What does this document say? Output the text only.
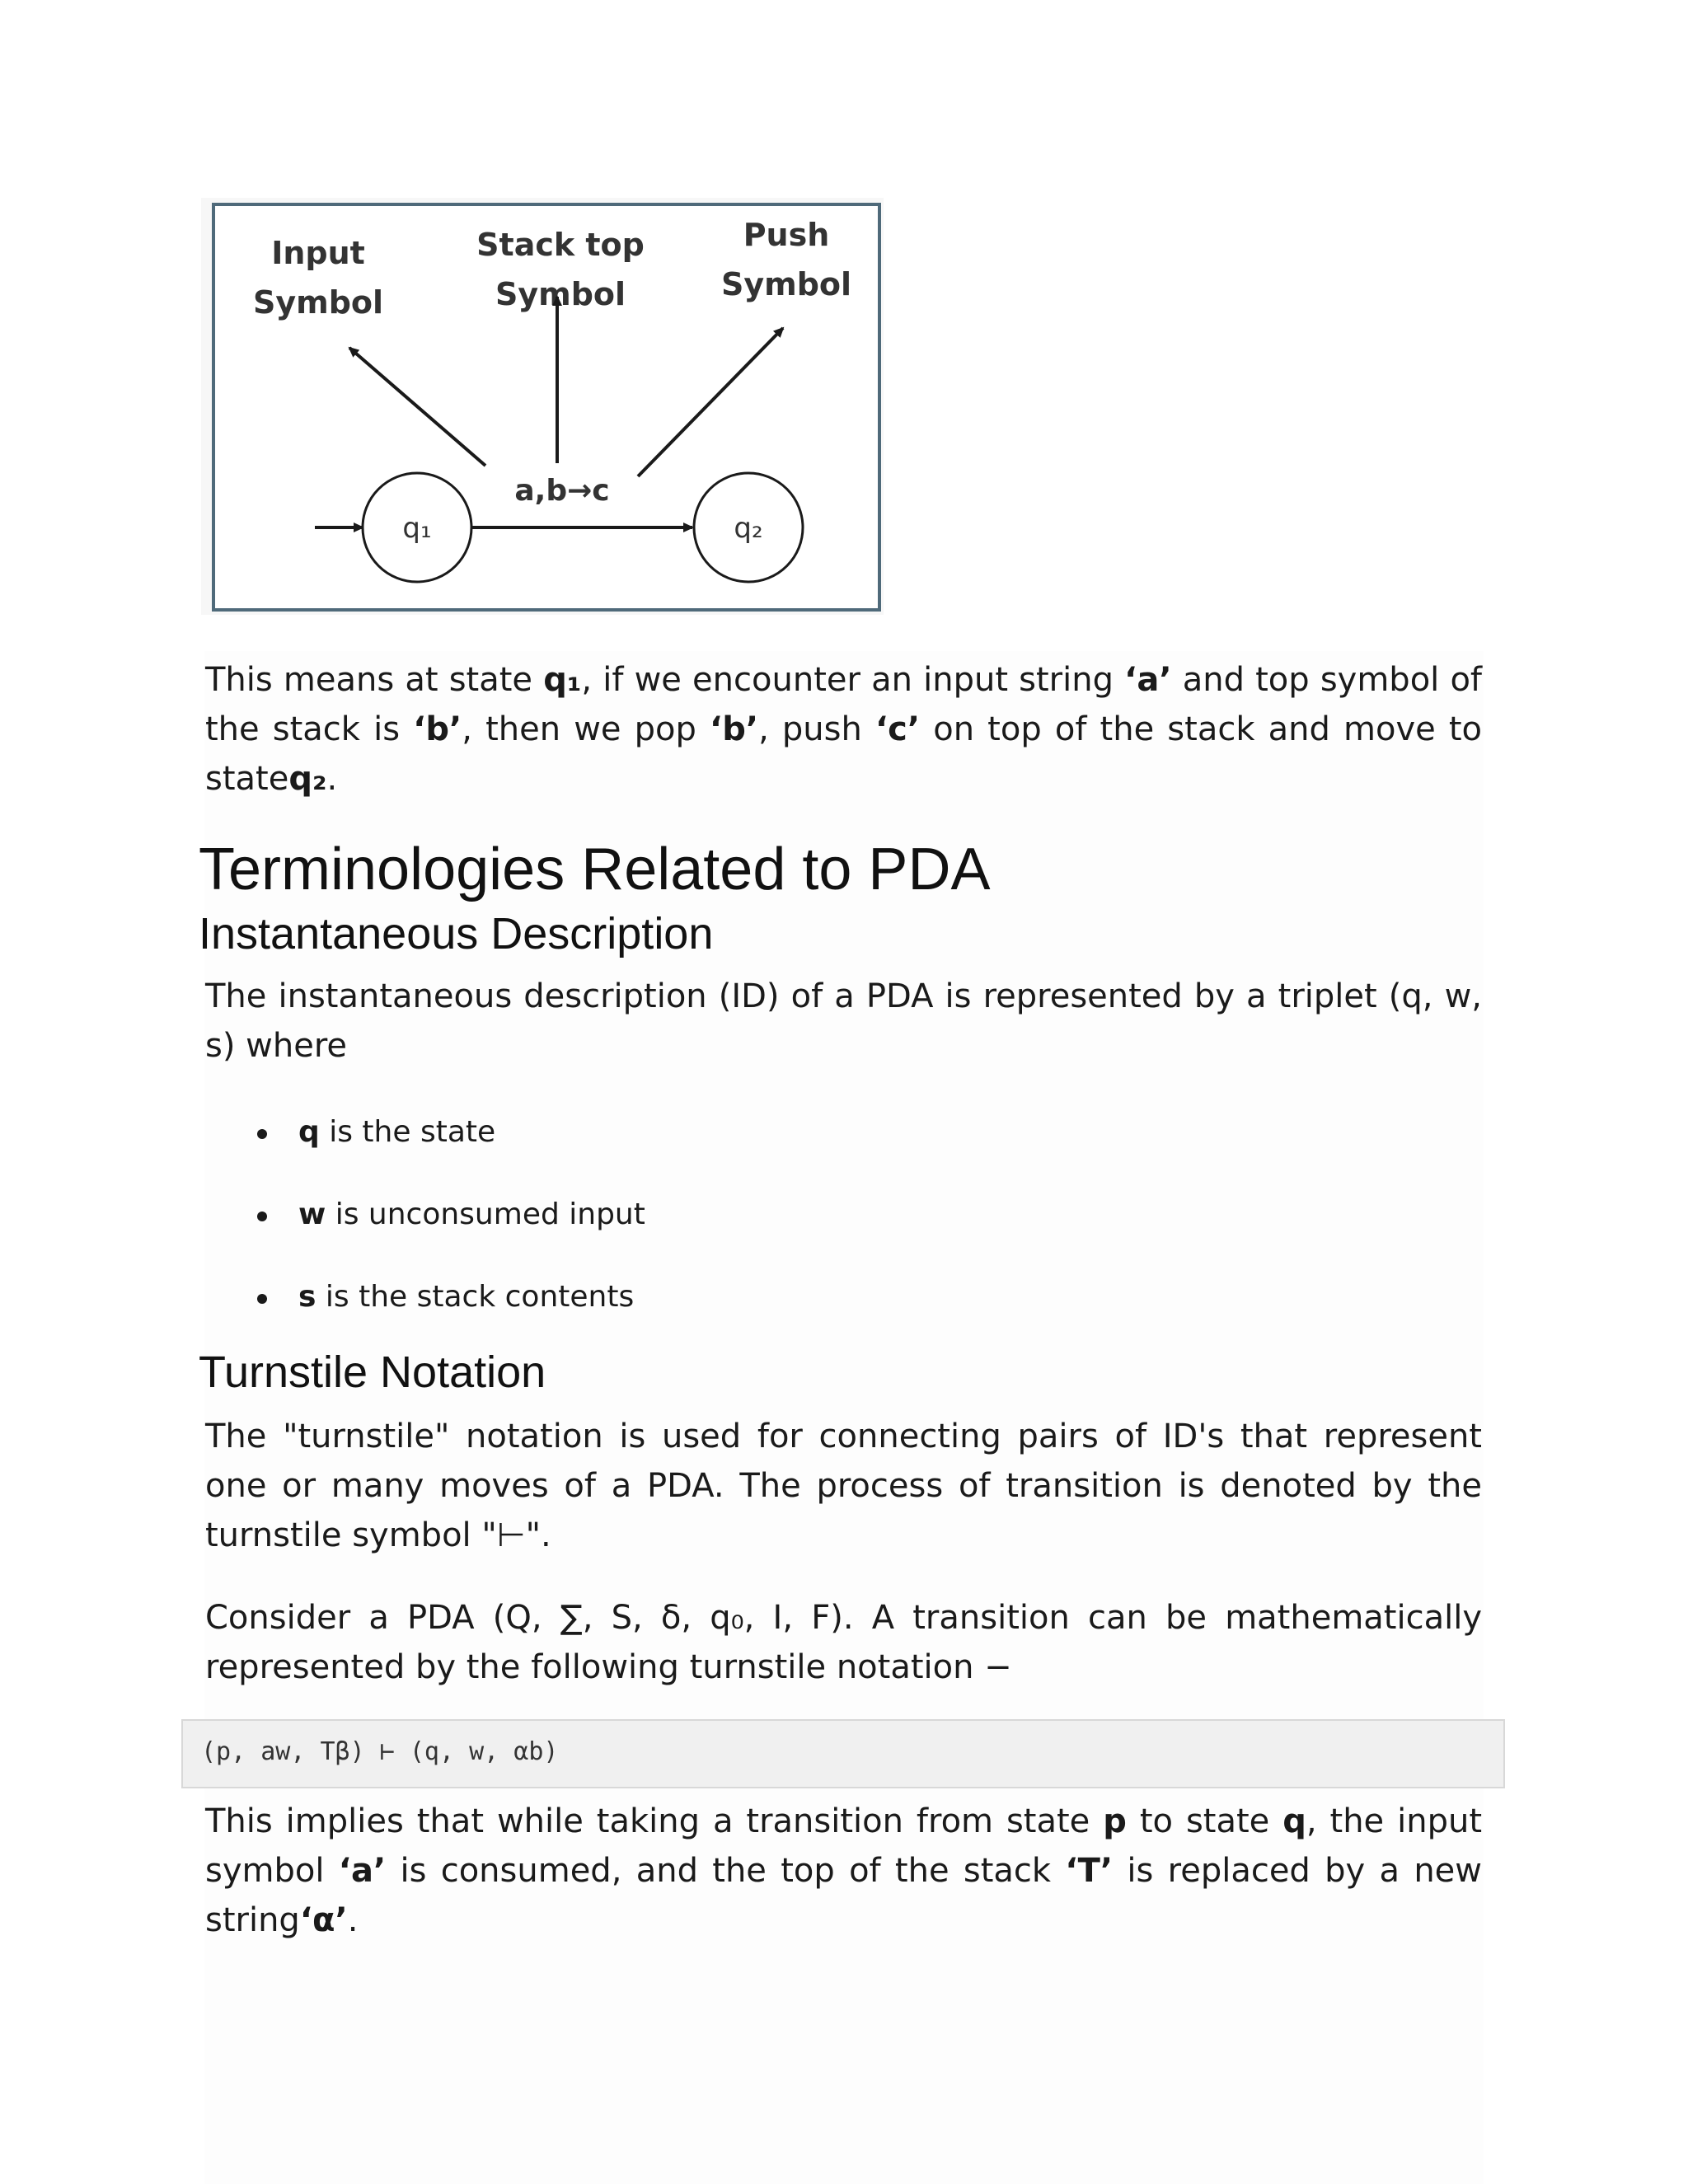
Input
Symbol
Stack top
Symbol
Push
Symbol
a,b→c
q₁	q₂

This means at state q₁, if we encounter an input string ‘a’ and top symbol of the stack is ‘b’, then we pop ‘b’, push ‘c’ on top of the stack and move to stateq₂.

Terminologies Related to PDA
Instantaneous Description

The instantaneous description (ID) of a PDA is represented by a triplet (q, w, s) where

q is the state
w is unconsumed input
s is the stack contents
Turnstile Notation

The "turnstile" notation is used for connecting pairs of ID's that represent one or many moves of a PDA. The process of transition is denoted by the turnstile symbol "⊢".

Consider a PDA (Q, ∑, S, δ, q₀, I, F). A transition can be mathematically represented by the following turnstile notation −

(p, aw, Tβ) ⊢ (q, w, αb)

This implies that while taking a transition from state p to state q, the input symbol ‘a’ is consumed, and the top of the stack ‘T’ is replaced by a new string‘α’.
